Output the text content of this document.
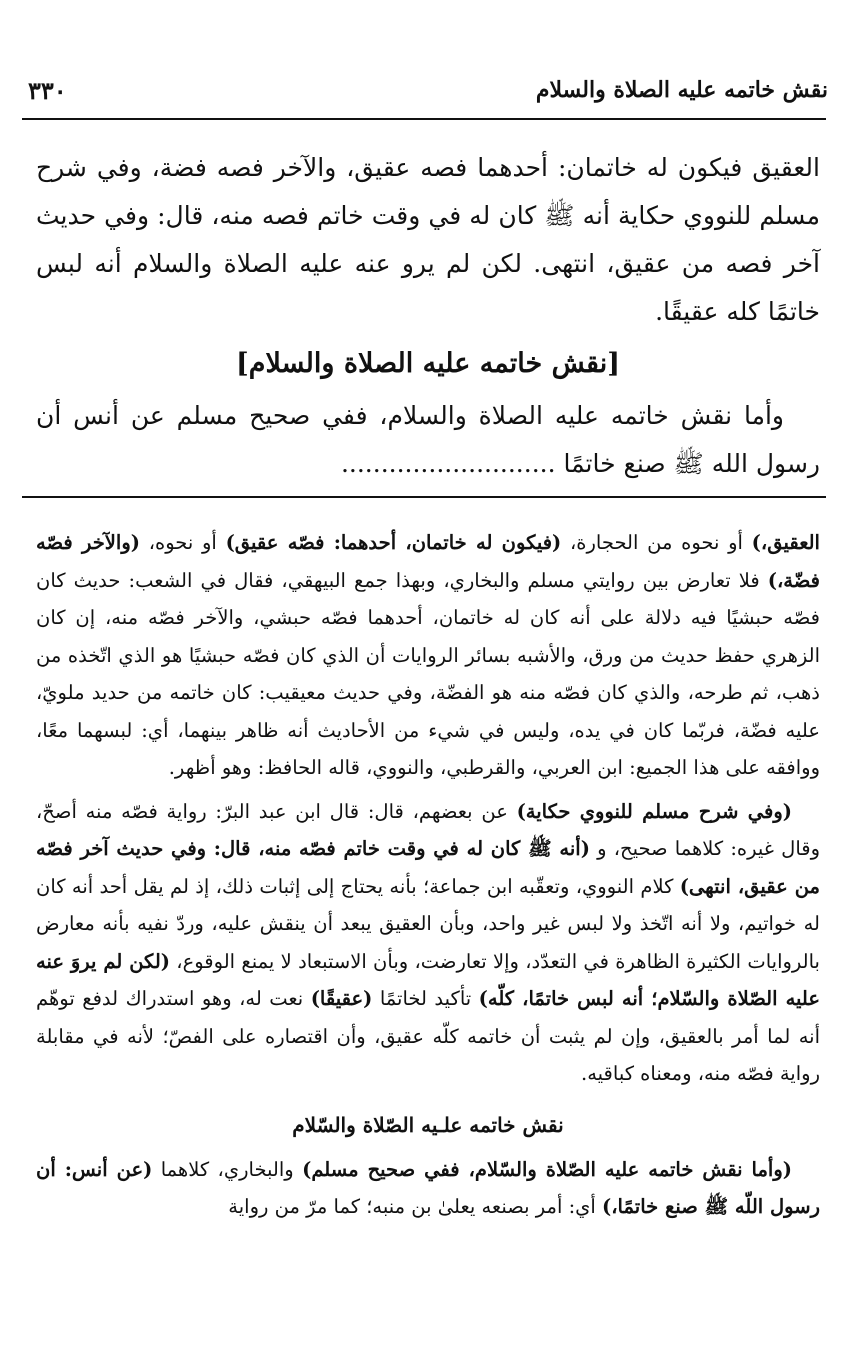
نقش خاتمه عليه الصلاة والسلام
٣٣٠

العقيق فيكون له خاتمان: أحدهما فصه عقيق، والآخر فصه فضة، وفي شرح مسلم للنووي حكاية أنه ﷺ كان له في وقت خاتم فصه منه، قال: وفي حديث آخر فصه من عقيق، انتهى. لكن لم يرو عنه عليه الصلاة والسلام أنه لبس خاتمًا كله عقيقًا.

[نقش خاتمه عليه الصلاة والسلام]

وأما نقش خاتمه عليه الصلاة والسلام، ففي صحيح مسلم عن أنس أن رسول الله ﷺ صنع خاتمًا ...........................

العقيق،) أو نحوه من الحجارة، (فيكون له خاتمان، أحدهما: فصّه عقيق) أو نحوه، (والآخر فصّه فضّة،) فلا تعارض بين روايتي مسلم والبخاري، وبهذا جمع البيهقي، فقال في الشعب: حديث كان فصّه حبشيًا فيه دلالة على أنه كان له خاتمان، أحدهما فصّه حبشي، والآخر فصّه منه، إن كان الزهري حفظ حديث من ورق، والأشبه بسائر الروايات أن الذي كان فصّه حبشيًا هو الذي اتّخذه من ذهب، ثم طرحه، والذي كان فصّه منه هو الفضّة، وفي حديث معيقيب: كان خاتمه من حديد ملويّ، عليه فضّة، فربّما كان في يده، وليس في شيء من الأحاديث أنه ظاهر بينهما، أي: لبسهما معًا، ووافقه على هذا الجميع: ابن العربي، والقرطبي، والنووي، قاله الحافظ: وهو أظهر.

(وفي شرح مسلم للنووي حكاية) عن بعضهم، قال: قال ابن عبد البرّ: رواية فصّه منه أصحّ، وقال غيره: كلاهما صحيح، و (أنه ﷺ كان له في وقت خاتم فصّه منه، قال: وفي حديث آخر فصّه من عقيق، انتهى) كلام النووي، وتعقّبه ابن جماعة؛ بأنه يحتاج إلى إثبات ذلك، إذ لم يقل أحد أنه كان له خواتيم، ولا أنه اتّخذ ولا لبس غير واحد، وبأن العقيق يبعد أن ينقش عليه، وردّ نفيه بأنه معارض بالروايات الكثيرة الظاهرة في التعدّد، وإلا تعارضت، وبأن الاستبعاد لا يمنع الوقوع، (لكن لم يروَ عنه عليه الصّلاة والسّلام؛ أنه لبس خاتمًا، كلّه) تأكيد لخاتمًا (عقيقًا) نعت له، وهو استدراك لدفع توهّم أنه لما أمر بالعقيق، وإن لم يثبت أن خاتمه كلّه عقيق، وأن اقتصاره على الفصّ؛ لأنه في مقابلة رواية فصّه منه، ومعناه كباقيه.

نقش خاتمه علـيه الصّلاة والسّلام

(وأما نقش خاتمه عليه الصّلاة والسّلام، ففي صحيح مسلم) والبخاري، كلاهما (عن أنس: أن رسول اللّه ﷺ صنع خاتمًا،) أي: أمر بصنعه يعلىٰ بن منبه؛ كما مرّ من رواية
